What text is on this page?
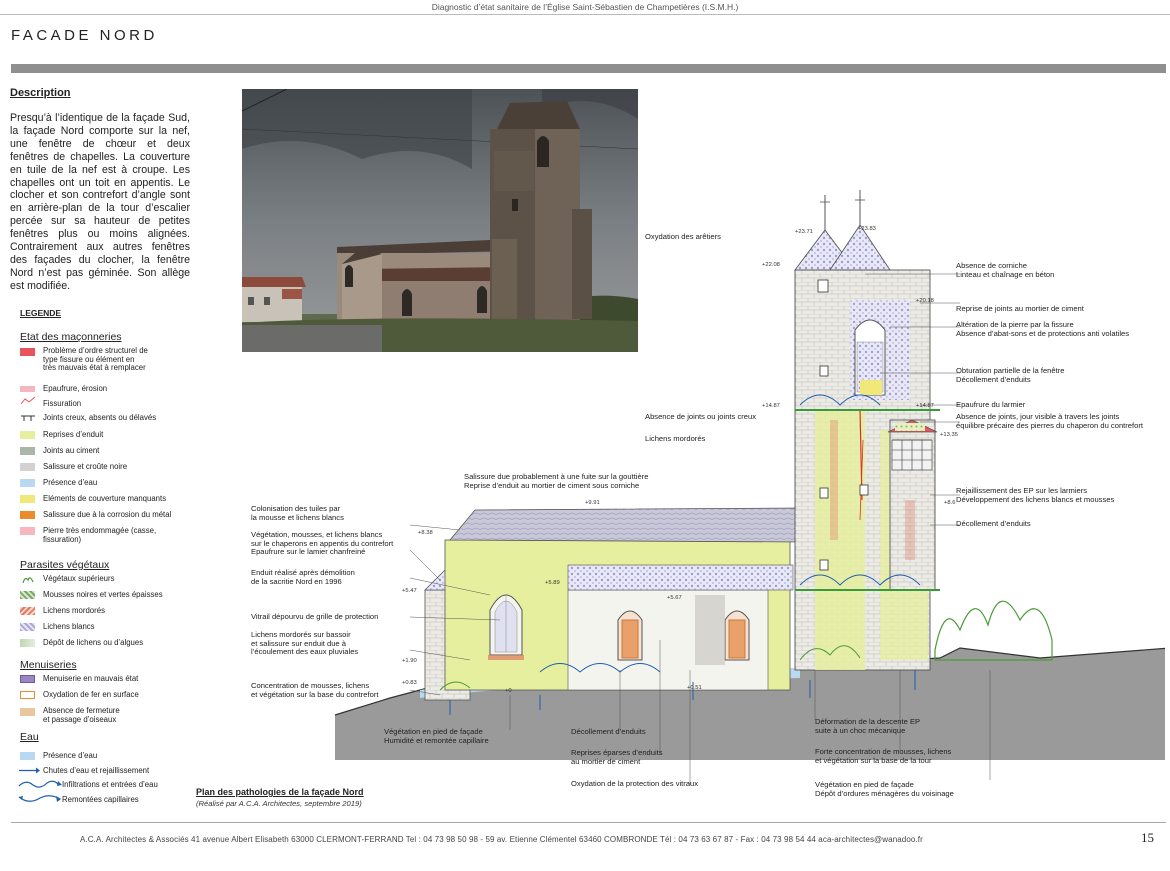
Diagnostic d’état sanitaire de l’Église Saint-Sébastien de Champetières (I.S.M.H.)
FACADE NORD
Description
Presqu’à l’identique de la façade Sud, la façade Nord comporte sur la nef, une fenêtre de chœur et deux fenêtres de chapelles. La couverture en tuile de la nef est à croupe. Les chapelles ont un toit en appentis. Le clocher et son contrefort d’angle sont en arrière-plan de la tour d’escalier percée sur sa hauteur de petites fenêtres plus ou moins alignées. Contrairement aux autres fenêtres des façades du clocher, la fenêtre Nord n’est pas géminée. Son allège est modifiée.
LEGENDE
Etat des maçonneries
Problème d’ordre structurel de
type fissure ou élément en
très mauvais état à remplacer
Epaufrure, érosion
Fissuration
Joints creux, absents ou délavés
Reprises d’enduit
Joints au ciment
Salissure et croûte noire
Présence d’eau
Eléments de couverture manquants
Salissure due à la corrosion du métal
Pierre très endommagée (casse,
fissuration)
Parasites végétaux
Végétaux supérieurs
Mousses noires et vertes épaisses
Lichens mordorés
Lichens blancs
Dépôt de lichens ou d’algues
Menuiseries
Menuiserie en mauvais état
Oxydation de fer en surface
Absence de fermeture
et passage d’oiseaux
Eau
Présence d’eau
Chutes d’eau et rejaillissement
Infiltrations et entrées d’eau
Remontées capillaires
Oxydation des arêtiers
Salissure due probablement à une fuite sur la gouttière
Reprise d’enduit au mortier de ciment sous corniche
Absence de joints ou joints creux
Lichens mordorés
Absence de corniche
Linteau et chaînage en béton
Reprise de joints au mortier de ciment
Altération de la pierre par la fissure
Absence d’abat-sons et de protections anti volatiles
Obturation partielle de la fenêtre
Décollement d’enduits
Epaufrure du larmier
Absence de joints, jour visible à travers les joints
équilibre précaire des pierres du chaperon du contrefort
Rejaillissement des EP sur les larmiers
Développement des lichens blancs et mousses
Décollement d’enduits
Colonisation des tuiles par
la mousse et lichens blancs
Végétation, mousses, et lichens blancs
sur le chaperons en appentis du contrefort
Epaufrure sur le lamier chanfreiné
Enduit réalisé après démolition
de la sacritie Nord en 1996
Vitrail dépourvu de grille de protection
Lichens mordorés sur bassoir
et salissure sur enduit due à
l’écoulement des eaux pluviales
Concentration de mousses, lichens
et végétation sur la base du contrefort
Végétation en pied de façade
Humidité et remontée capillaire
Décollement d’enduits
Reprises éparses d’enduits
au mortier de ciment
Oxydation de la protection des vitraux
Déformation de la descente EP
suite à un choc mécanique
Forte concentration de mousses, lichens
et végétation sur la base de la tour
Végétation en pied de façade
Dépôt d’ordures ménagères du voisinage
+23.71	+23.83
+22.08
+20.18
+14.87	+14.87
+13.35
+9.91
+8.38
+8.6
+5.89
+5.67
+5.47
+1.90
+0.83
+0.51
+0
Plan des pathologies de la façade Nord
(Réalisé par A.C.A. Architectes, septembre 2019)
A.C.A. Architectes & Associés 41 avenue Albert Elisabeth 63000 CLERMONT-FERRAND Tel : 04 73 98 50 98 - 59 av. Etienne Clémentel 63460 COMBRONDE Tél : 04 73 63 67 87 - Fax : 04 73 98 54 44 aca-architectes@wanadoo.fr	15
